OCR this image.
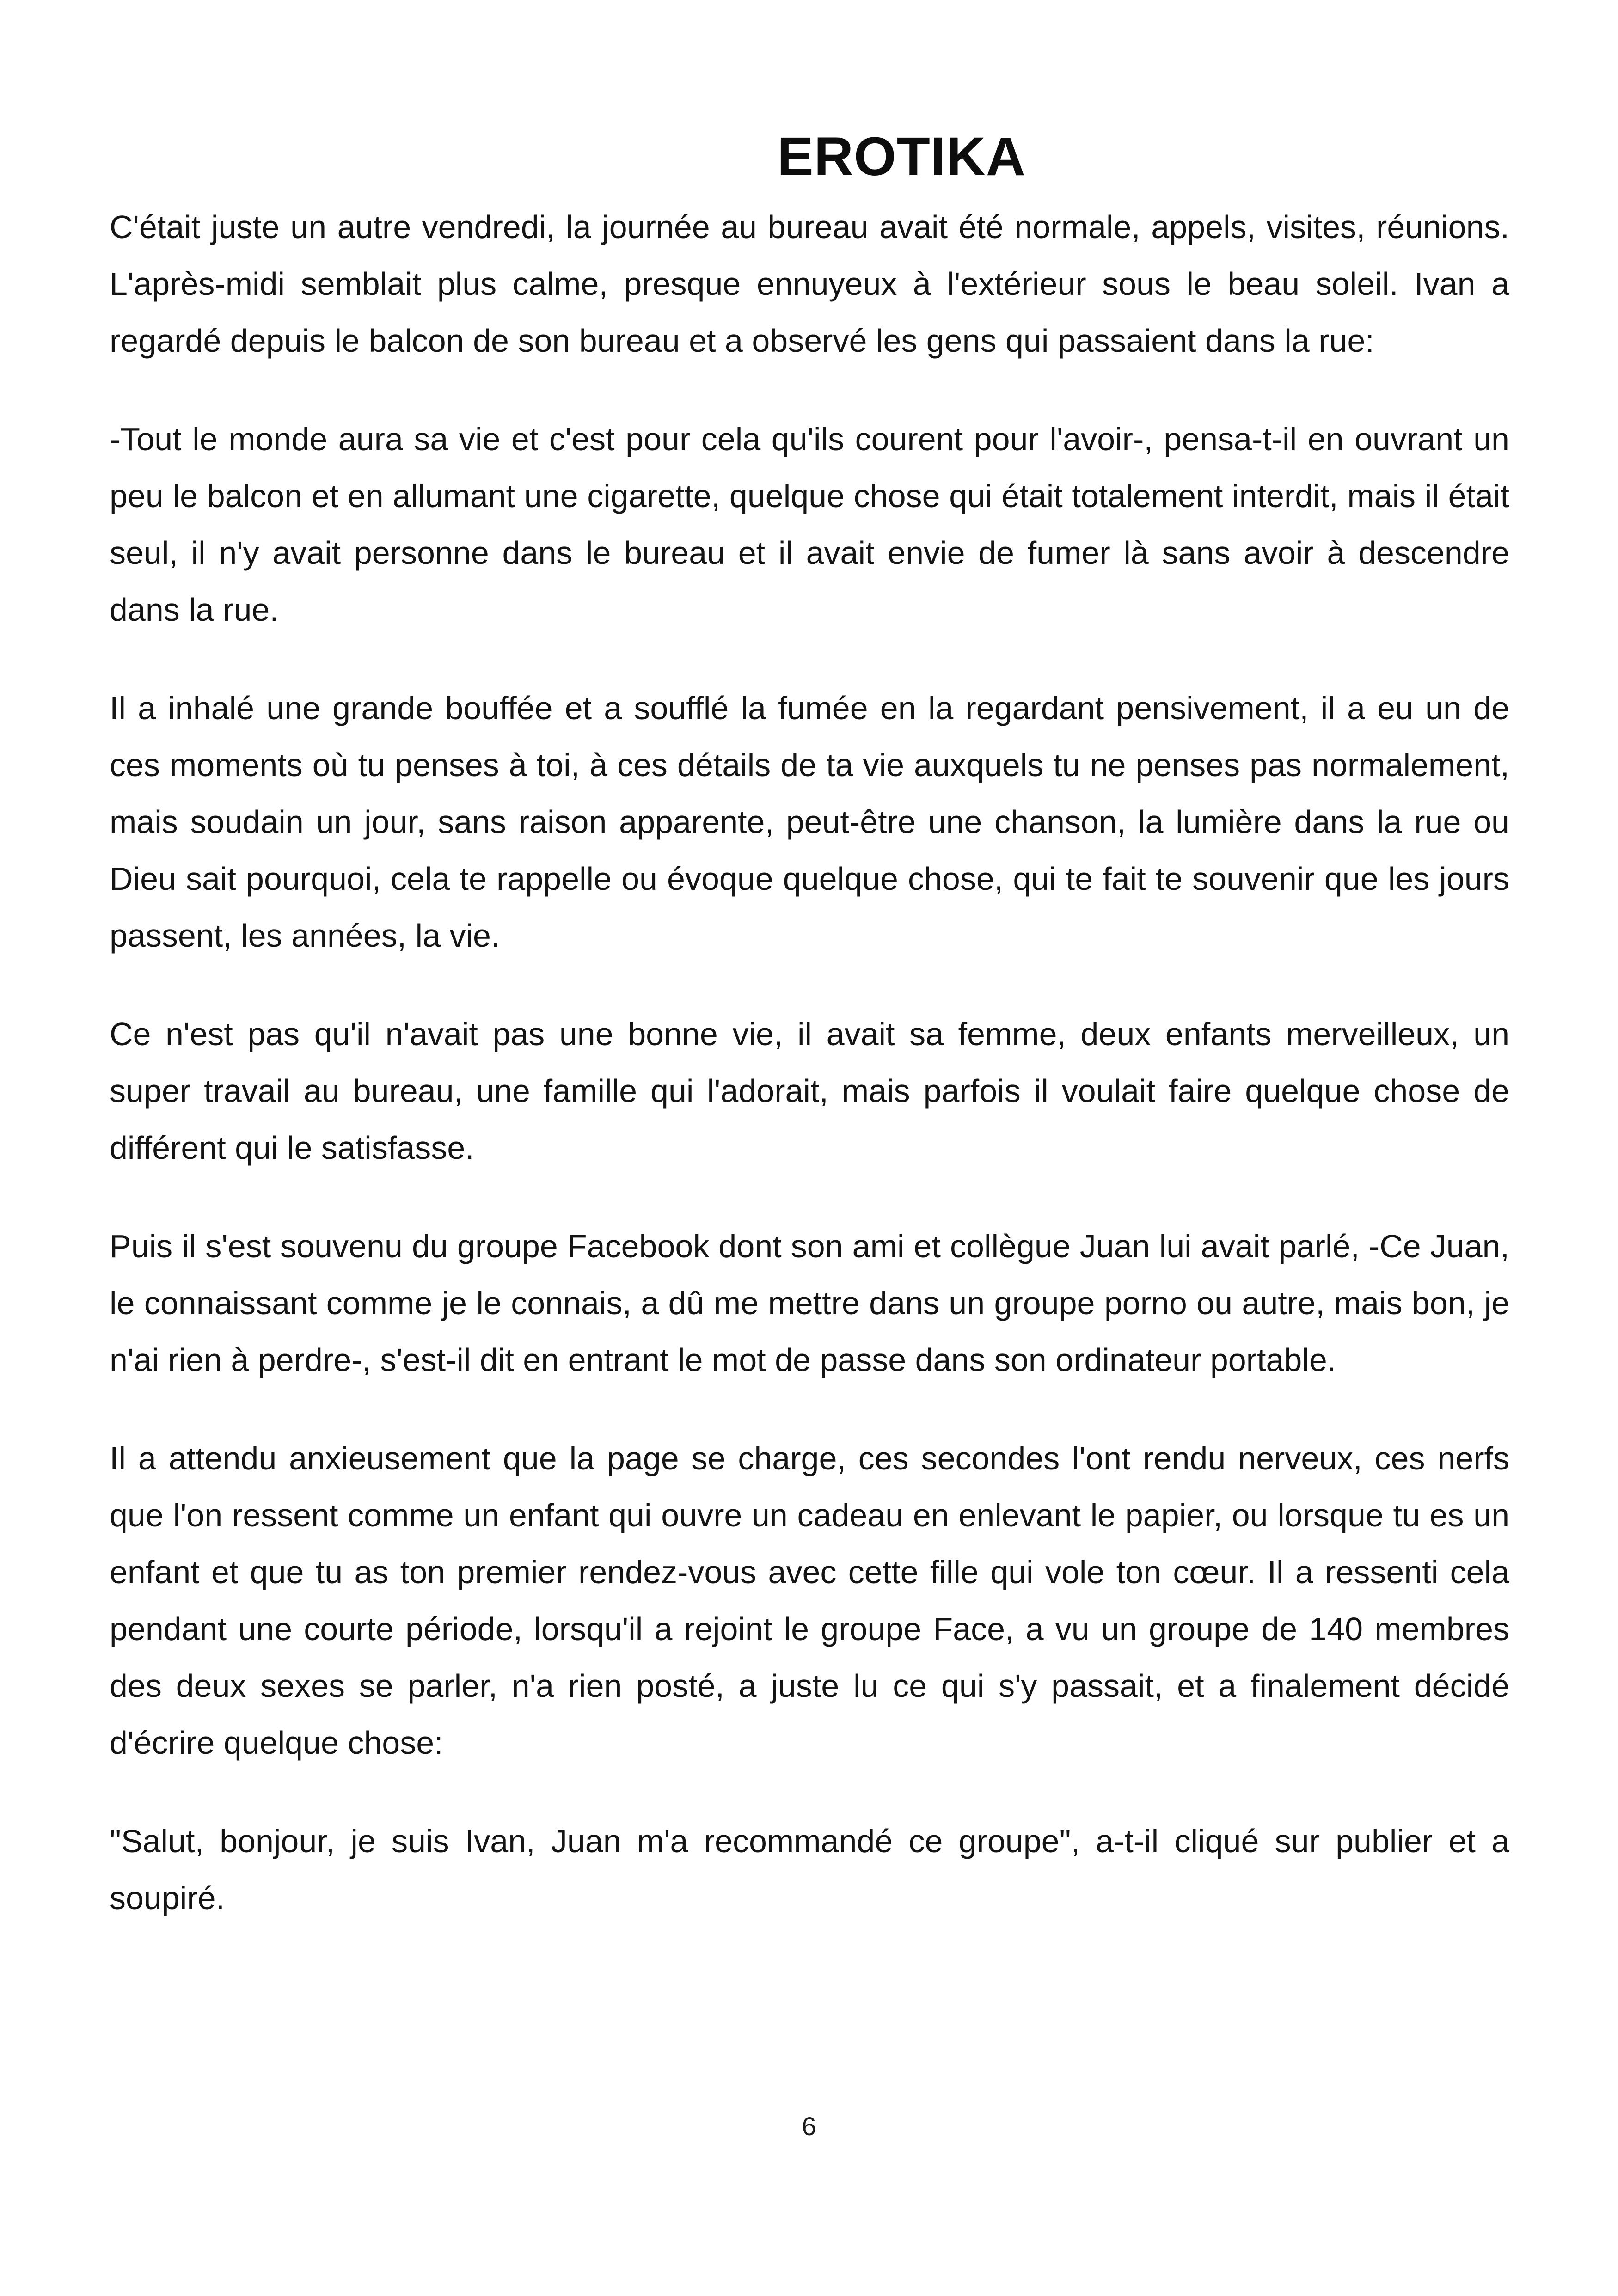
EROTIKA

C'était juste un autre vendredi, la journée au bureau avait été normale, appels, visites, réunions. L'après-midi semblait plus calme, presque ennuyeux à l'extérieur sous le beau soleil. Ivan a regardé depuis le balcon de son bureau et a observé les gens qui passaient dans la rue:

-Tout le monde aura sa vie et c'est pour cela qu'ils courent pour l'avoir-, pensa-t-il en ouvrant un peu le balcon et en allumant une cigarette, quelque chose qui était totalement interdit, mais il était seul, il n'y avait personne dans le bureau et il avait envie de fumer là sans avoir à descendre dans la rue.

Il a inhalé une grande bouffée et a soufflé la fumée en la regardant pensivement, il a eu un de ces moments où tu penses à toi, à ces détails de ta vie auxquels tu ne penses pas normalement, mais soudain un jour, sans raison apparente, peut-être une chanson, la lumière dans la rue ou Dieu sait pourquoi, cela te rappelle ou évoque quelque chose, qui te fait te souvenir que les jours passent, les années, la vie.

Ce n'est pas qu'il n'avait pas une bonne vie, il avait sa femme, deux enfants merveilleux, un super travail au bureau, une famille qui l'adorait, mais parfois il voulait faire quelque chose de différent qui le satisfasse.

Puis il s'est souvenu du groupe Facebook dont son ami et collègue Juan lui avait parlé, -Ce Juan, le connaissant comme je le connais, a dû me mettre dans un groupe porno ou autre, mais bon, je n'ai rien à perdre-, s'est-il dit en entrant le mot de passe dans son ordinateur portable.

Il a attendu anxieusement que la page se charge, ces secondes l'ont rendu nerveux, ces nerfs que l'on ressent comme un enfant qui ouvre un cadeau en enlevant le papier, ou lorsque tu es un enfant et que tu as ton premier rendez-vous avec cette fille qui vole ton cœur. Il a ressenti cela pendant une courte période, lorsqu'il a rejoint le groupe Face, a vu un groupe de 140 membres des deux sexes se parler, n'a rien posté, a juste lu ce qui s'y passait, et a finalement décidé d'écrire quelque chose:

"Salut, bonjour, je suis Ivan, Juan m'a recommandé ce groupe", a-t-il cliqué sur publier et a soupiré.

6
